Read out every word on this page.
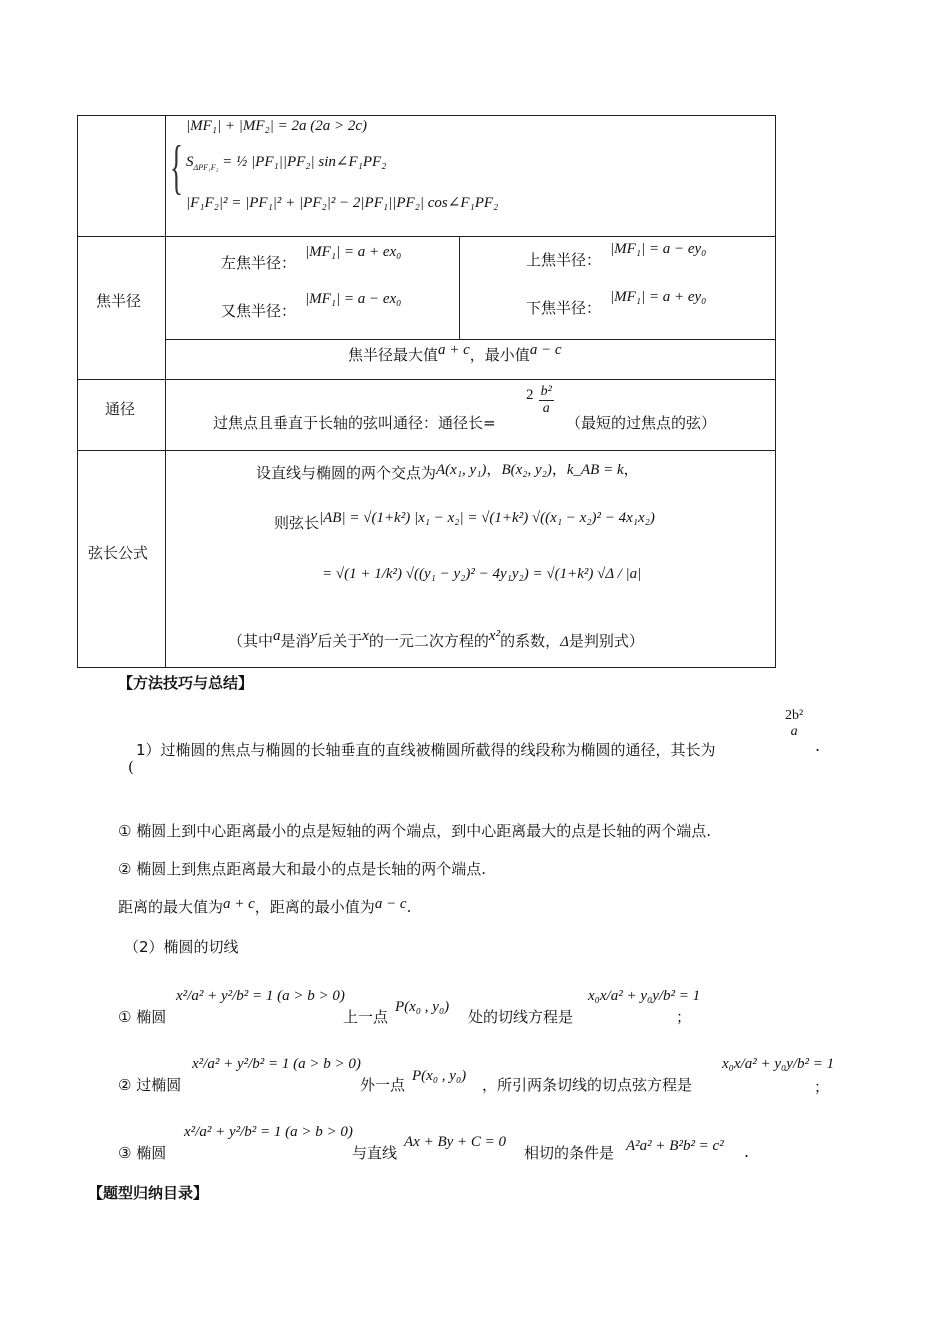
{
|MF₁| + |MF₂| = 2a (2a > 2c)
$S_{\Delta PF_1F_2}$ = ½ |PF₁||PF₂| sin∠F₁PF₂
|F₁F₂|² = |PF₁|² + |PF₂|² − 2|PF₁||PF₂| cos∠F₁PF₂
焦半径
左焦半径：
|MF₁| = a + ex₀
又焦半径：
|MF₁| = a − ex₀
上焦半径：
|MF₁| = a − ey₀
下焦半径：
|MF₁| = a + ey₀
焦半径最大值a + c，最小值a − c
通径
过焦点且垂直于长轴的弦叫通径：通径长=
$2 \frac{\text{b²}}{a}$
（最短的过焦点的弦）
弦长公式
设直线与椭圆的两个交点为A(x₁, y₁)，B(x₂, y₂)，k_AB = k，
则弦长|AB| = √(1+k²) |x₁ − x₂| = √(1+k²) √((x₁ − x₂)² − 4x₁x₂)
= √(1 + 1/k²) √((y₁ − y₂)² − 4y₁y₂) = √(1+k²) √Δ / |a|
（其中a是消y后关于x的一元二次方程的x²的系数，Δ是判别式）
【方法技巧与总结】
1）过椭圆的焦点与椭圆的长轴垂直的直线被椭圆所截得的线段称为椭圆的通径，其长为
2b²
a
.
(
① 椭圆上到中心距离最小的点是短轴的两个端点，到中心距离最大的点是长轴的两个端点.
② 椭圆上到焦点距离最大和最小的点是长轴的两个端点.
距离的最大值为a + c，距离的最小值为a − c.
（2）椭圆的切线
① 椭圆
x²/a² + y²/b² = 1 (a > b > 0)
上一点
P(x₀ , y₀)
处的切线方程是
x₀x/a² + y₀y/b² = 1
；
② 过椭圆
x²/a² + y²/b² = 1 (a > b > 0)
外一点 P(x₀ , y₀) ，所引两条切线的切点弦方程是
x₀x/a² + y₀y/b² = 1
；
③ 椭圆
x²/a² + y²/b² = 1 (a > b > 0)
与直线
Ax + By + C = 0
相切的条件是 A²a² + B²b² = c² .
【题型归纳目录】
